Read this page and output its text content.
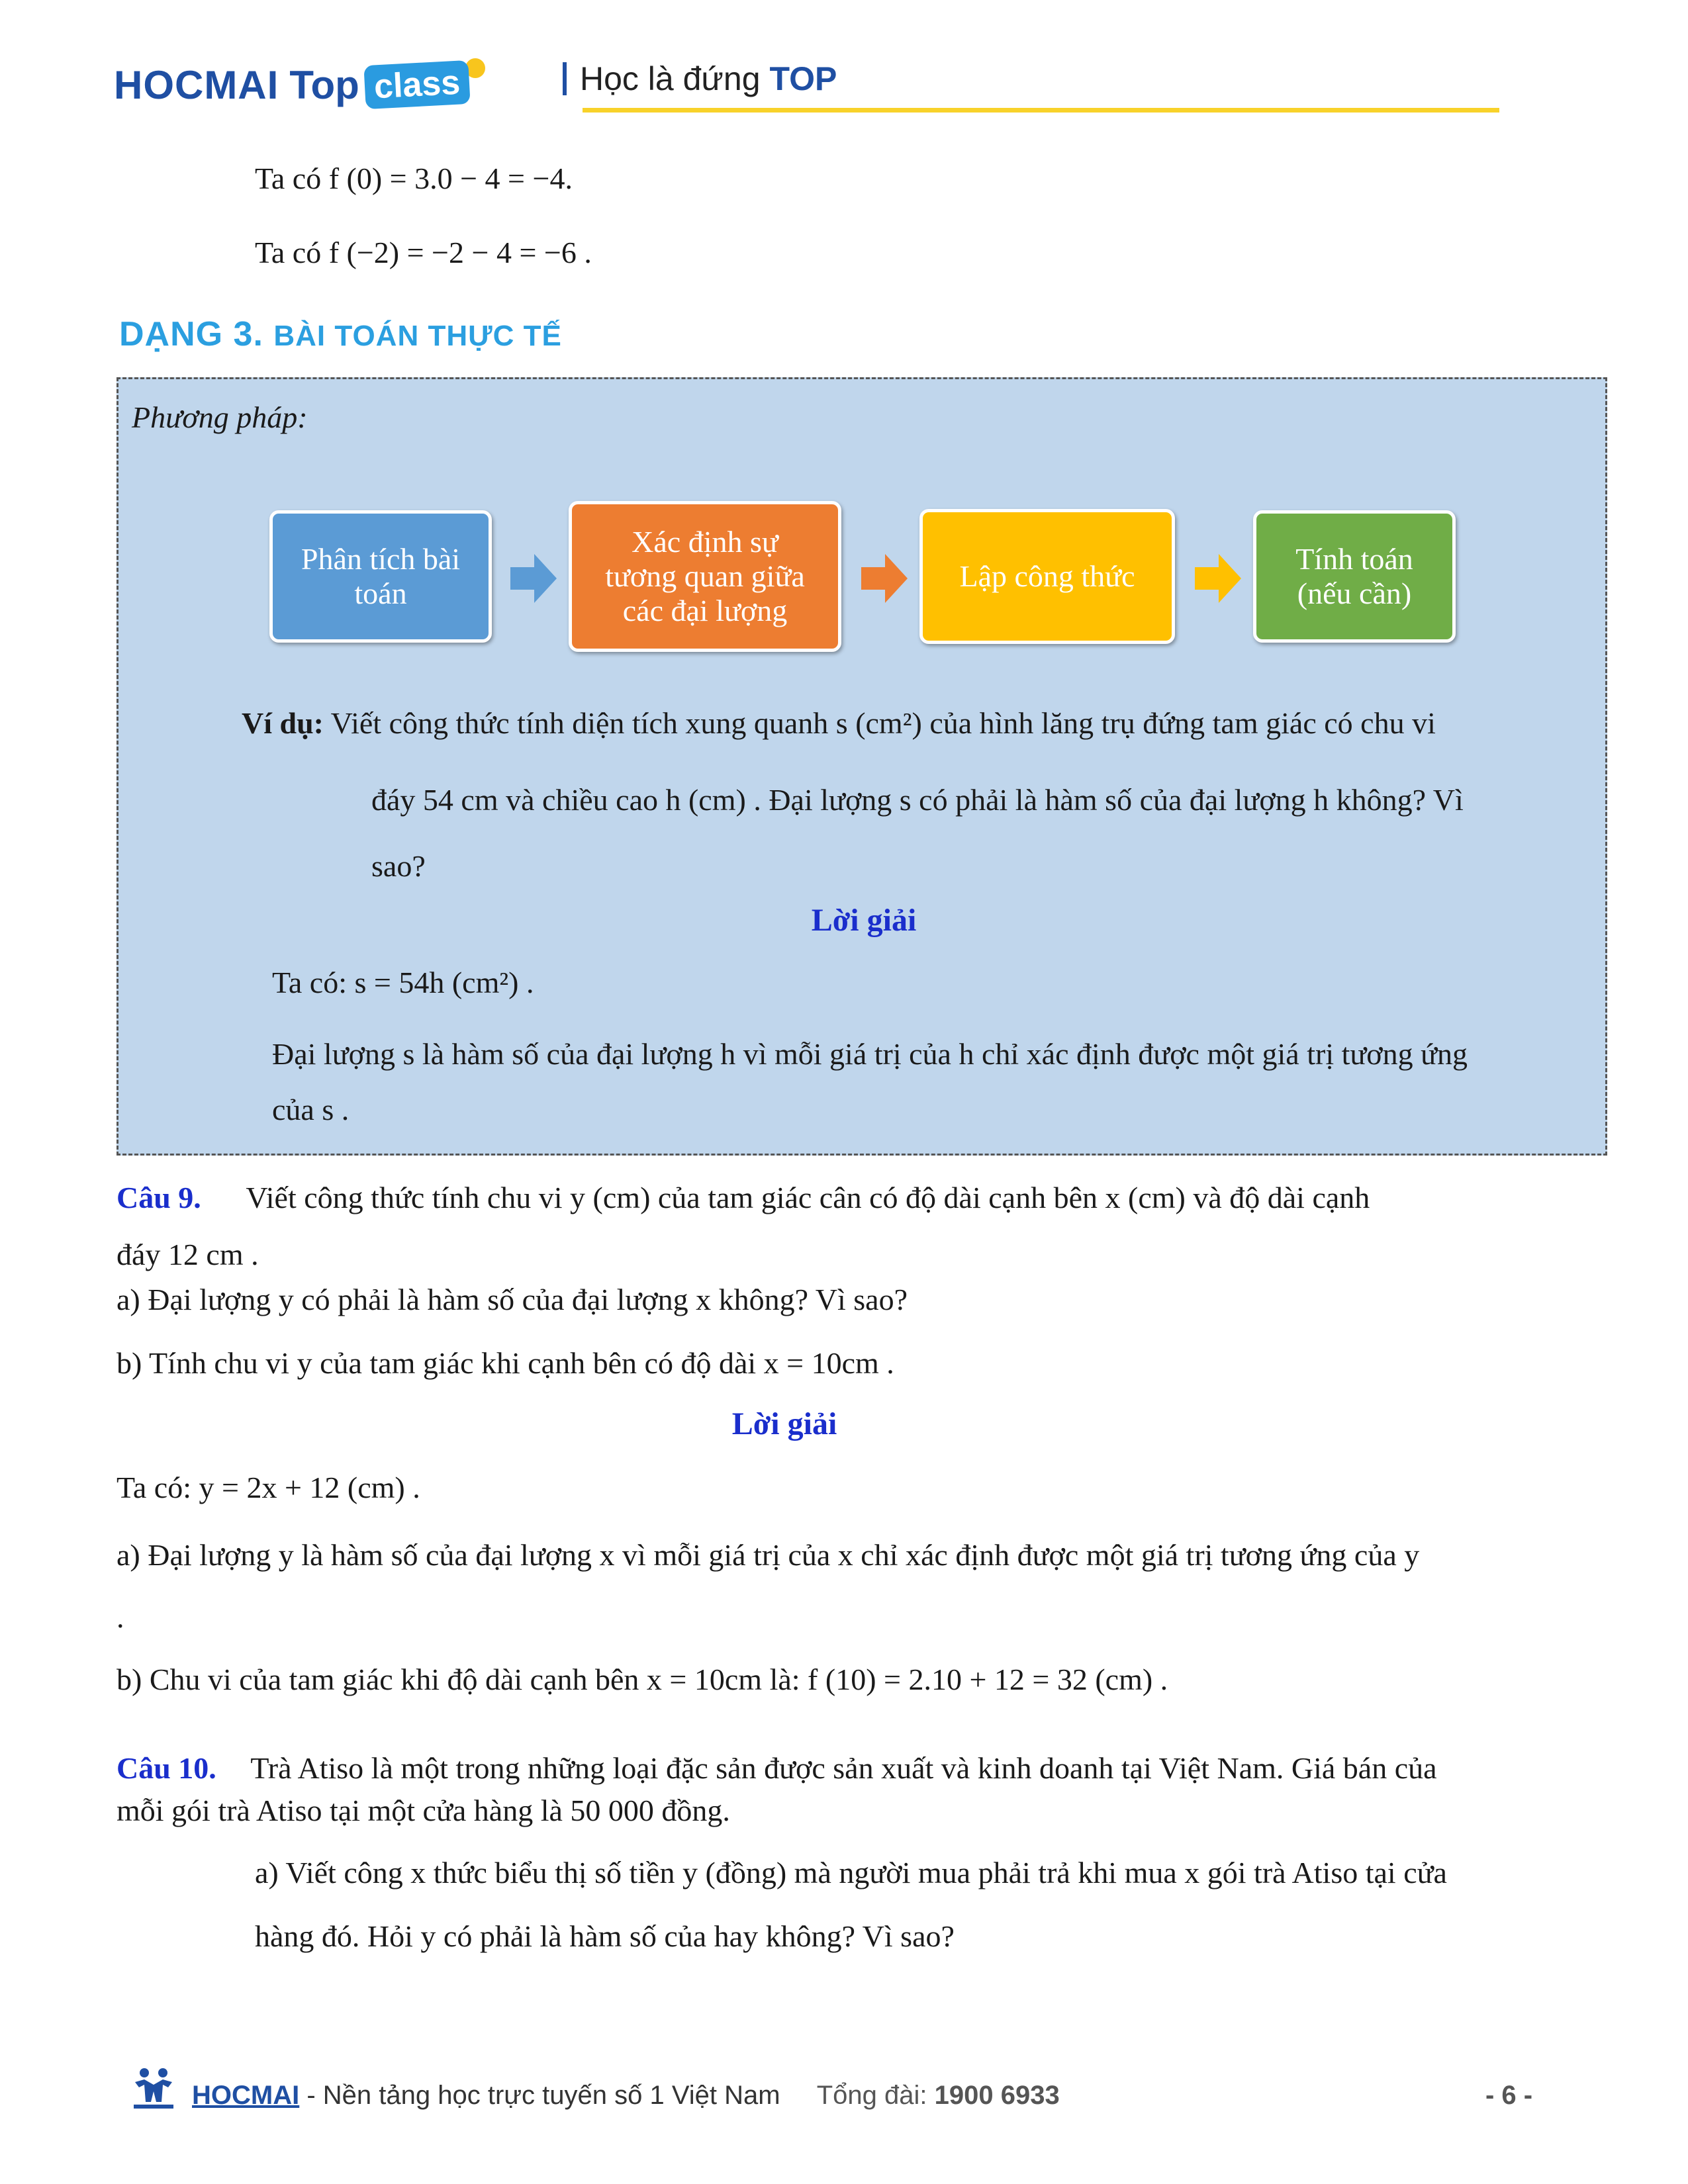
HOCMAI Top class	Học là đứng TOP
Ta có f (0) = 3.0 − 4 = −4.
Ta có f (−2) = −2 − 4 = −6 .
DẠNG 3. BÀI TOÁN THỰC TẾ
Phương pháp:
Phân tích bài
toán
Xác định sự
tương quan giữa
các đại lượng
Lập công thức
Tính toán
(nếu cần)
Ví dụ: Viết công thức tính diện tích xung quanh s (cm²) của hình lăng trụ đứng tam giác có chu vi
đáy 54 cm và chiều cao h (cm) . Đại lượng s có phải là hàm số của đại lượng h không? Vì
sao?
Lời giải
Ta có: s = 54h (cm²) .
Đại lượng s là hàm số của đại lượng h vì mỗi giá trị của h chỉ xác định được một giá trị tương ứng
của s .
Câu 9. Viết công thức tính chu vi y (cm) của tam giác cân có độ dài cạnh bên x (cm) và độ dài cạnh
đáy 12 cm .
a) Đại lượng y có phải là hàm số của đại lượng x không? Vì sao?
b) Tính chu vi y của tam giác khi cạnh bên có độ dài x = 10cm .
Lời giải
Ta có: y = 2x + 12 (cm) .
a) Đại lượng y là hàm số của đại lượng x vì mỗi giá trị của x chỉ xác định được một giá trị tương ứng của y
.
b) Chu vi của tam giác khi độ dài cạnh bên x = 10cm là: f (10) = 2.10 + 12 = 32 (cm) .
Câu 10. Trà Atiso là một trong những loại đặc sản được sản xuất và kinh doanh tại Việt Nam. Giá bán của
mỗi gói trà Atiso tại một cửa hàng là 50 000 đồng.
a) Viết công x thức biểu thị số tiền y (đồng) mà người mua phải trả khi mua x gói trà Atiso tại cửa
hàng đó. Hỏi y có phải là hàm số của hay không? Vì sao?
HOCMAI - Nền tảng học trực tuyến số 1 Việt Nam Tổng đài: 1900 6933	- 6 -
